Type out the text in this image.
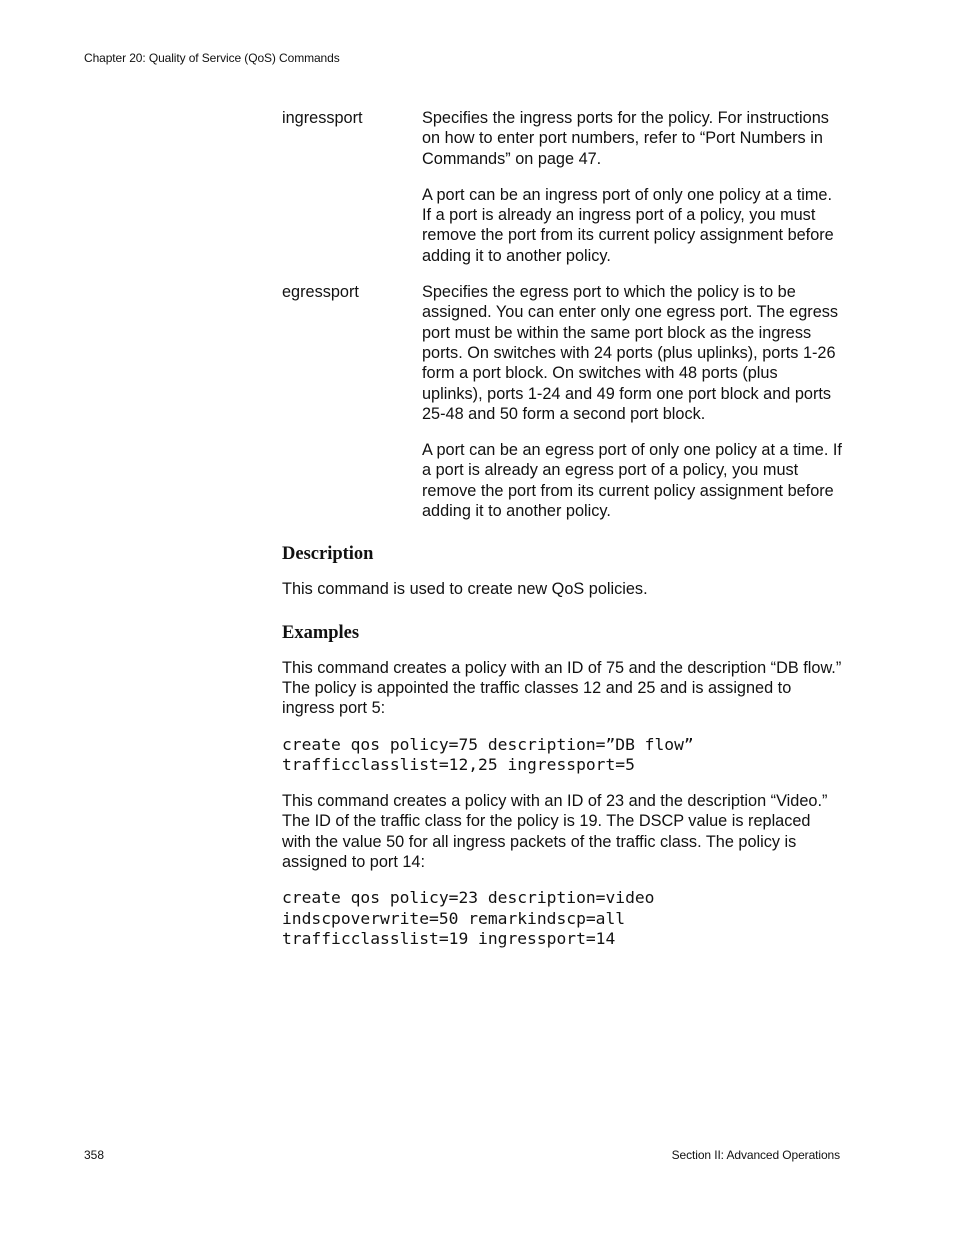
Chapter 20: Quality of Service (QoS) Commands
ingressport	Specifies the ingress ports for the policy. For instructions on how to enter port numbers, refer to “Port Numbers in Commands” on page 47.

A port can be an ingress port of only one policy at a time. If a port is already an ingress port of a policy, you must remove the port from its current policy assignment before adding it to another policy.

egressport	Specifies the egress port to which the policy is to be assigned. You can enter only one egress port. The egress port must be within the same port block as the ingress ports. On switches with 24 ports (plus uplinks), ports 1-26 form a port block. On switches with 48 ports (plus uplinks), ports 1-24 and 49 form one port block and ports 25-48 and 50 form a second port block.

A port can be an egress port of only one policy at a time. If a port is already an egress port of a policy, you must remove the port from its current policy assignment before adding it to another policy.

Description

This command is used to create new QoS policies.

Examples

This command creates a policy with an ID of 75 and the description “DB flow.” The policy is appointed the traffic classes 12 and 25 and is assigned to ingress port 5:

create qos policy=75 description=”DB flow”
trafficclasslist=12,25 ingressport=5

This command creates a policy with an ID of 23 and the description “Video.” The ID of the traffic class for the policy is 19. The DSCP value is replaced with the value 50 for all ingress packets of the traffic class. The policy is assigned to port 14:

create qos policy=23 description=video
indscpoverwrite=50 remarkindscp=all
trafficclasslist=19 ingressport=14
358	Section II: Advanced Operations
